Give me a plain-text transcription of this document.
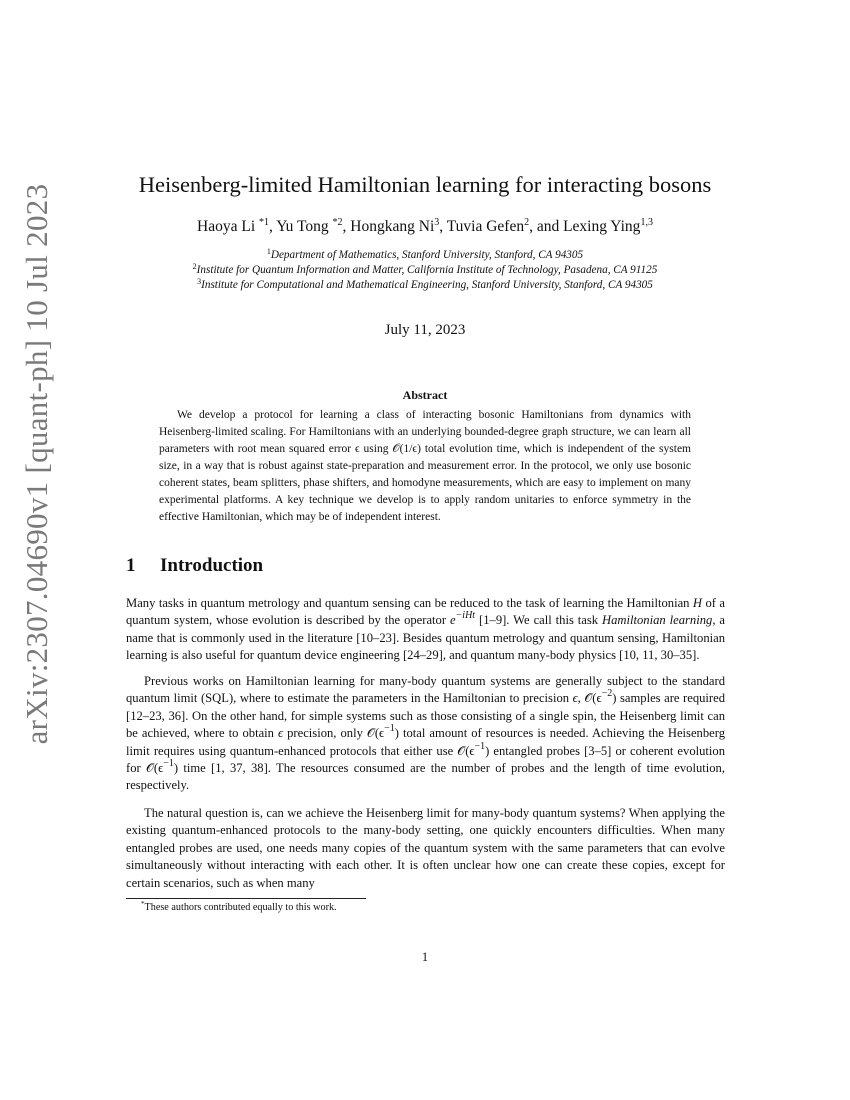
arXiv:2307.04690v1 [quant-ph] 10 Jul 2023	Heisenberg-limited Hamiltonian learning for interacting bosons
Haoya Li $^{*1}$, Yu Tong $^{*2}$, Hongkang Ni$^3$, Tuvia Gefen$^2$, and Lexing Ying$^{1,3}$
$^1$Department of Mathematics, Stanford University, Stanford, CA 94305
$^2$Institute for Quantum Information and Matter, California Institute of Technology, Pasadena, CA 91125
$^3$Institute for Computational and Mathematical Engineering, Stanford University, Stanford, CA 94305
July 11, 2023
Abstract

We develop a protocol for learning a class of interacting bosonic Hamiltonians from dynamics with Heisenberg-limited scaling. For Hamiltonians with an underlying bounded-degree graph structure, we can learn all parameters with root mean squared error ϵ using 𝒪(1/ϵ) total evolution time, which is independent of the system size, in a way that is robust against state-preparation and measurement error. In the protocol, we only use bosonic coherent states, beam splitters, phase shifters, and homodyne measurements, which are easy to implement on many experimental platforms. A key technique we develop is to apply random unitaries to enforce symmetry in the effective Hamiltonian, which may be of independent interest.

1 Introduction

Many tasks in quantum metrology and quantum sensing can be reduced to the task of learning the Hamiltonian H of a quantum system, whose evolution is described by the operator $e^{-iHt}$ [1–9]. We call this task Hamiltonian learning, a name that is commonly used in the literature [10–23]. Besides quantum metrology and quantum sensing, Hamiltonian learning is also useful for quantum device engineering [24–29], and quantum many-body physics [10, 11, 30–35].

Previous works on Hamiltonian learning for many-body quantum systems are generally subject to the standard quantum limit (SQL), where to estimate the parameters in the Hamiltonian to precision ϵ, $𝒪(\epsilon^{-2})$ samples are required [12–23, 36]. On the other hand, for simple systems such as those consisting of a single spin, the Heisenberg limit can be achieved, where to obtain ϵ precision, only $𝒪(\epsilon^{-1})$ total amount of resources is needed. Achieving the Heisenberg limit requires using quantum-enhanced protocols that either use $𝒪(\epsilon^{-1})$ entangled probes [3–5] or coherent evolution for $𝒪(\epsilon^{-1})$ time [1, 37, 38]. The resources consumed are the number of probes and the length of time evolution, respectively.

The natural question is, can we achieve the Heisenberg limit for many-body quantum systems? When applying the existing quantum-enhanced protocols to the many-body setting, one quickly encounters difficulties. When many entangled probes are used, one needs many copies of the quantum system with the same parameters that can evolve simultaneously without interacting with each other. It is often unclear how one can create these copies, except for certain scenarios, such as when many

*These authors contributed equally to this work.
1
